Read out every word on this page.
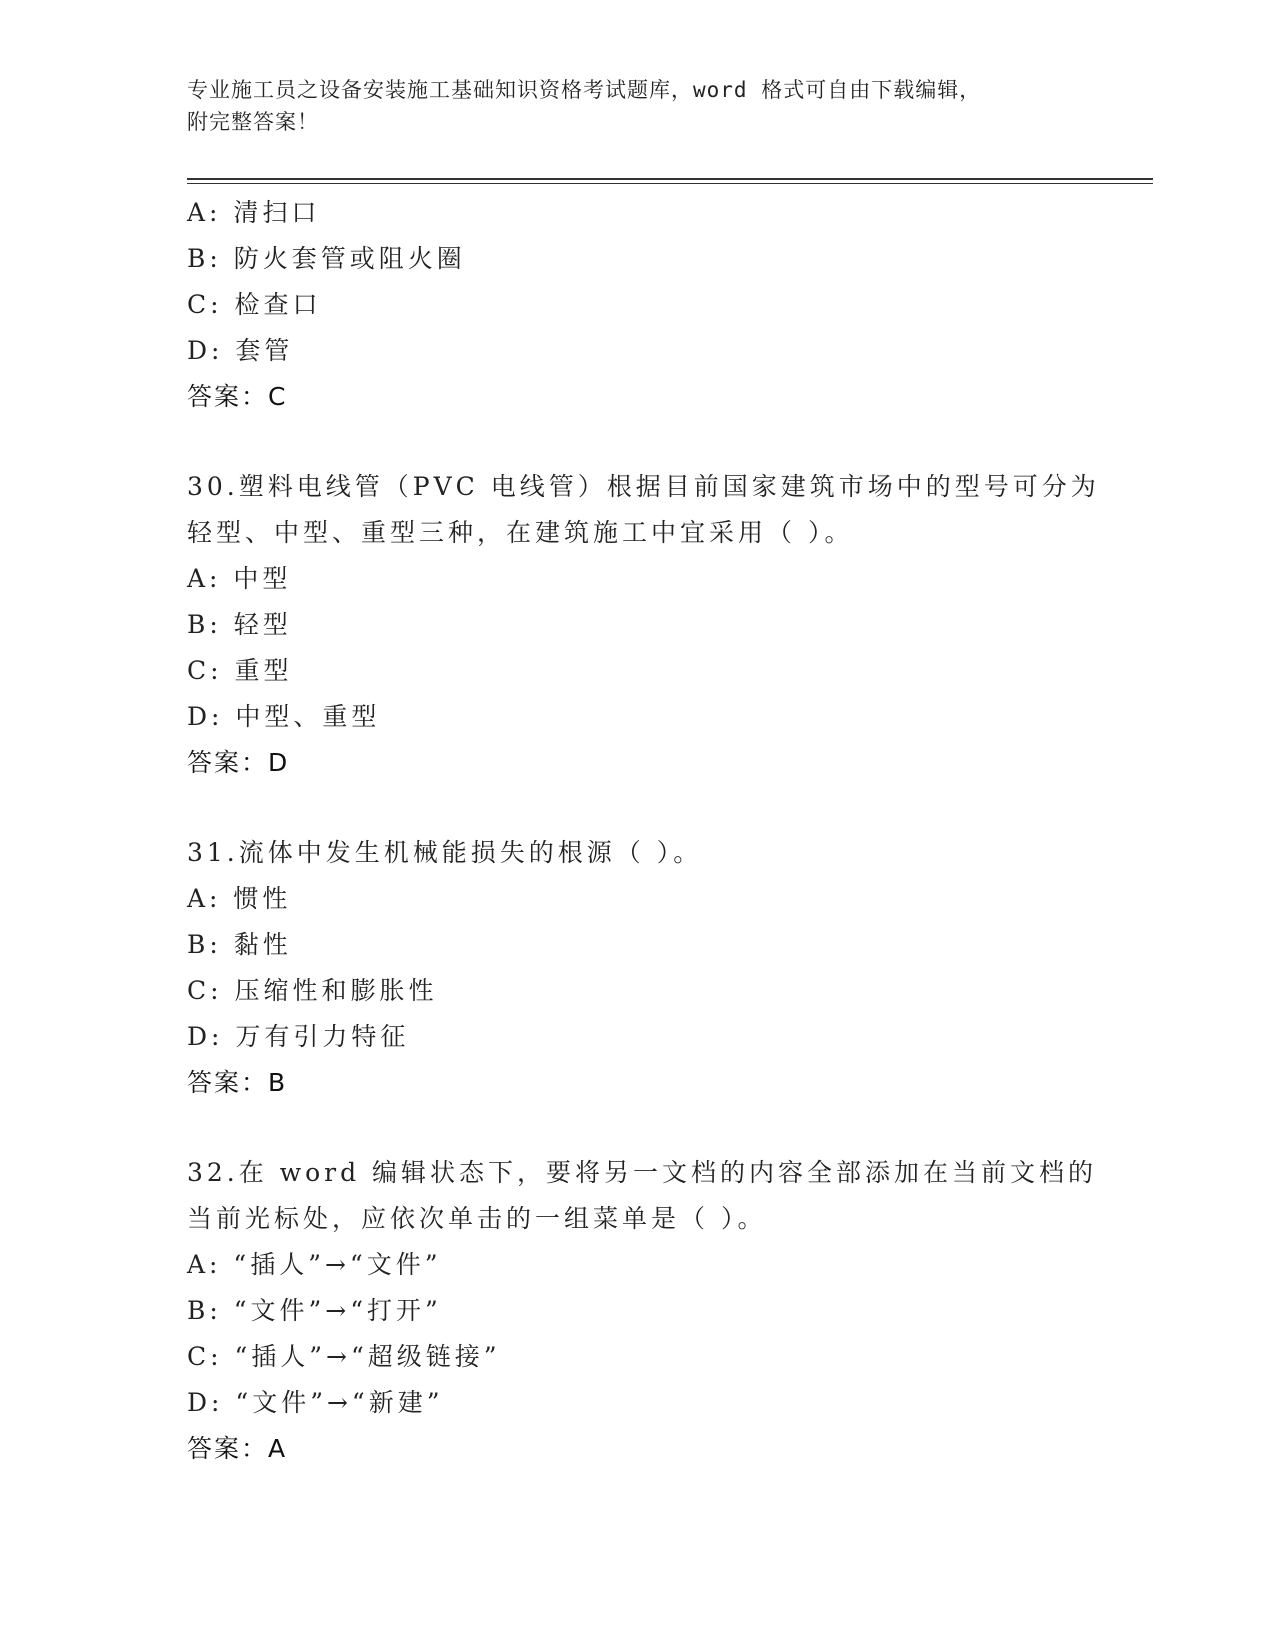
专业施工员之设备安装施工基础知识资格考试题库，word 格式可自由下载编辑，
附完整答案！
A: 清扫口
B: 防火套管或阻火圈
C: 检查口
D: 套管
答案：C
30.塑料电线管（PVC 电线管）根据目前国家建筑市场中的型号可分为
轻型、中型、重型三种，在建筑施工中宜采用（ ）。
A: 中型
B: 轻型
C: 重型
D: 中型、重型
答案：D
31.流体中发生机械能损失的根源（ ）。
A: 惯性
B: 黏性
C: 压缩性和膨胀性
D: 万有引力特征
答案：B
32.在 word 编辑状态下，要将另一文档的内容全部添加在当前文档的
当前光标处，应依次单击的一组菜单是（ ）。
A: “插人”→“文件”
B: “文件”→“打开”
C: “插人”→“超级链接”
D: “文件”→“新建”
答案：A
